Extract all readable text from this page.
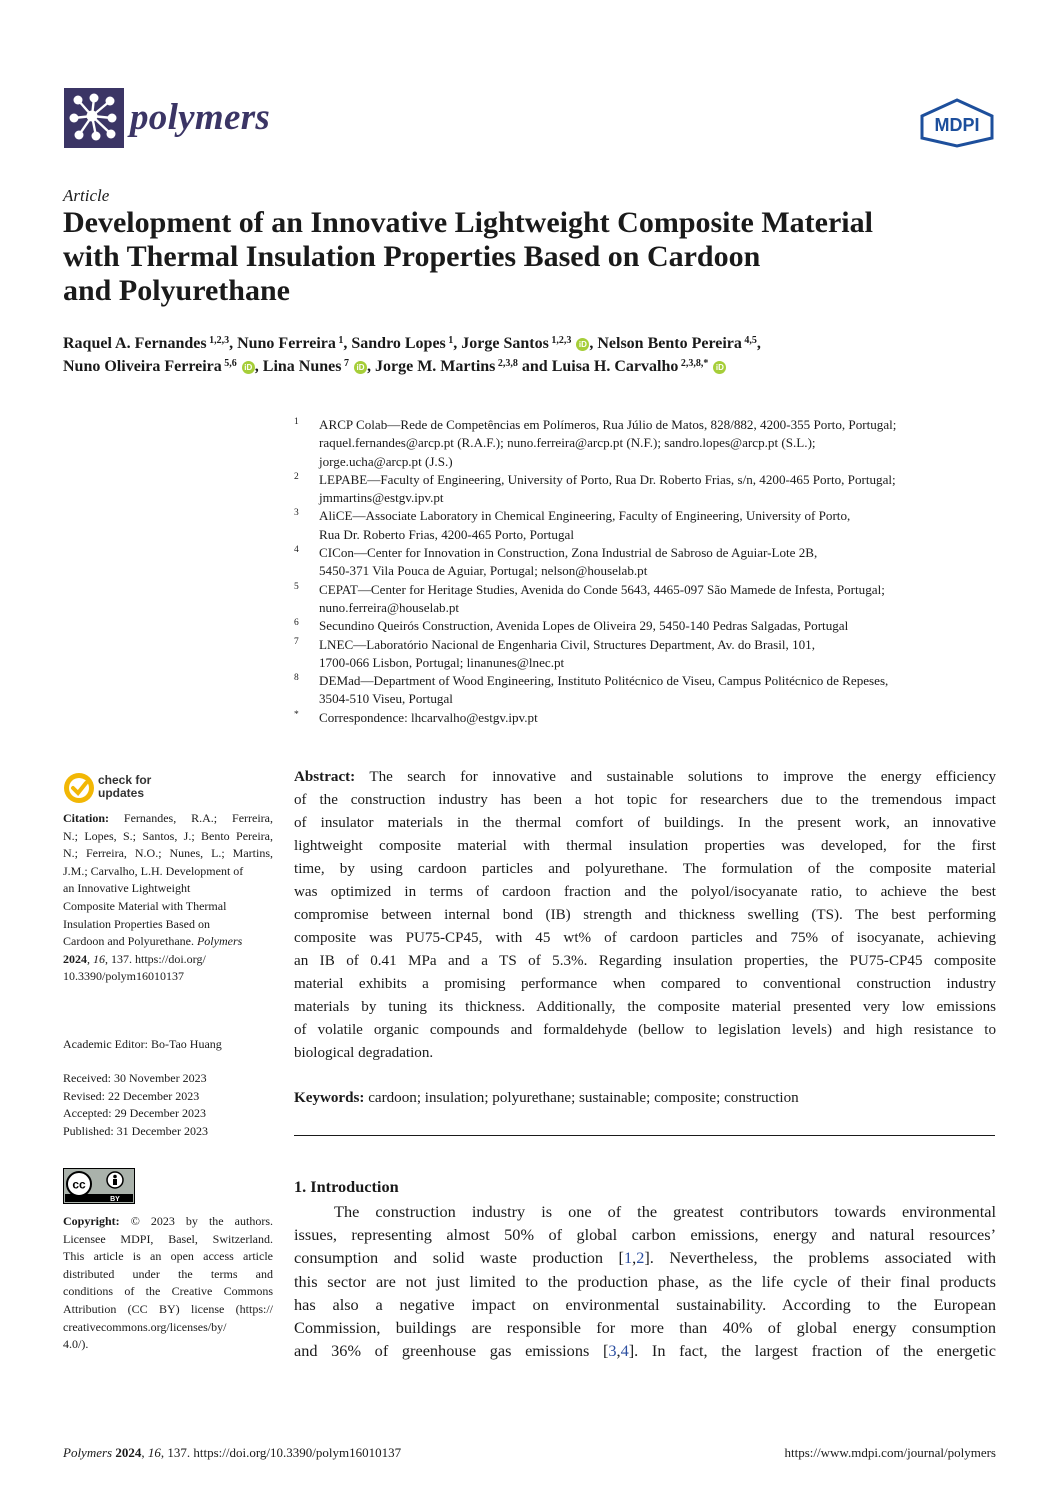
polymers	MDPI
Article
Development of an Innovative Lightweight Composite Material
with Thermal Insulation Properties Based on Cardoon
and Polyurethane
Raquel A. Fernandes $^{1,2,3}$, Nuno Ferreira $^1$, Sandro Lopes $^1$, Jorge Santos $^{1,2,3}$ iD , Nelson Bento Pereira $^{4,5}$,
Nuno Oliveira Ferreira $^{5,6}$ iD , Lina Nunes $^7$ iD , Jorge M. Martins $^{2,3,8}$ and Luisa H. Carvalho $^{2,3,8,*}$ iD
1 ARCP Colab—Rede de Competências em Polímeros, Rua Júlio de Matos, 828/882, 4200-355 Porto, Portugal;
raquel.fernandes@arcp.pt (R.A.F.); nuno.ferreira@arcp.pt (N.F.); sandro.lopes@arcp.pt (S.L.);
jorge.ucha@arcp.pt (J.S.)
2 LEPABE—Faculty of Engineering, University of Porto, Rua Dr. Roberto Frias, s/n, 4200-465 Porto, Portugal;
jmmartins@estgv.ipv.pt
3 AliCE—Associate Laboratory in Chemical Engineering, Faculty of Engineering, University of Porto,
Rua Dr. Roberto Frias, 4200-465 Porto, Portugal
4 CICon—Center for Innovation in Construction, Zona Industrial de Sabroso de Aguiar-Lote 2B,
5450-371 Vila Pouca de Aguiar, Portugal; nelson@houselab.pt
5 CEPAT—Center for Heritage Studies, Avenida do Conde 5643, 4465-097 São Mamede de Infesta, Portugal;
nuno.ferreira@houselab.pt
6 Secundino Queirós Construction, Avenida Lopes de Oliveira 29, 5450-140 Pedras Salgadas, Portugal
7 LNEC—Laboratório Nacional de Engenharia Civil, Structures Department, Av. do Brasil, 101,
1700-066 Lisbon, Portugal; linanunes@lnec.pt
8 DEMad—Department of Wood Engineering, Instituto Politécnico de Viseu, Campus Politécnico de Repeses,
3504-510 Viseu, Portugal
* Correspondence: lhcarvalho@estgv.ipv.pt
check for
updates
Citation: Fernandes, R.A.; Ferreira,
N.; Lopes, S.; Santos, J.; Bento Pereira,
N.; Ferreira, N.O.; Nunes, L.; Martins,
J.M.; Carvalho, L.H. Development of
an Innovative Lightweight
Composite Material with Thermal
Insulation Properties Based on
Cardoon and Polyurethane. Polymers
2024, 16, 137. https://doi.org/
10.3390/polym16010137
Academic Editor: Bo-Tao Huang
Received: 30 November 2023
Revised: 22 December 2023
Accepted: 29 December 2023
Published: 31 December 2023
cc
BY
Copyright: © 2023 by the authors.
Licensee MDPI, Basel, Switzerland.
This article is an open access article
distributed under the terms and
conditions of the Creative Commons
Attribution (CC BY) license (https://
creativecommons.org/licenses/by/
4.0/).
Abstract: The search for innovative and sustainable solutions to improve the energy efficiency
of the construction industry has been a hot topic for researchers due to the tremendous impact
of insulator materials in the thermal comfort of buildings. In the present work, an innovative
lightweight composite material with thermal insulation properties was developed, for the first
time, by using cardoon particles and polyurethane. The formulation of the composite material
was optimized in terms of cardoon fraction and the polyol/isocyanate ratio, to achieve the best
compromise between internal bond (IB) strength and thickness swelling (TS). The best performing
composite was PU75-CP45, with 45 wt% of cardoon particles and 75% of isocyanate, achieving
an IB of 0.41 MPa and a TS of 5.3%. Regarding insulation properties, the PU75-CP45 composite
material exhibits a promising performance when compared to conventional construction industry
materials by tuning its thickness. Additionally, the composite material presented very low emissions
of volatile organic compounds and formaldehyde (bellow to legislation levels) and high resistance to
biological degradation.
Keywords: cardoon; insulation; polyurethane; sustainable; composite; construction
1. Introduction
The construction industry is one of the greatest contributors towards environmental
issues, representing almost 50% of global carbon emissions, energy and natural resources’
consumption and solid waste production [1,2]. Nevertheless, the problems associated with
this sector are not just limited to the production phase, as the life cycle of their final products
has also a negative impact on environmental sustainability. According to the European
Commission, buildings are responsible for more than 40% of global energy consumption
and 36% of greenhouse gas emissions [3,4]. In fact, the largest fraction of the energetic
Polymers 2024, 16, 137. https://doi.org/10.3390/polym16010137	https://www.mdpi.com/journal/polymers
